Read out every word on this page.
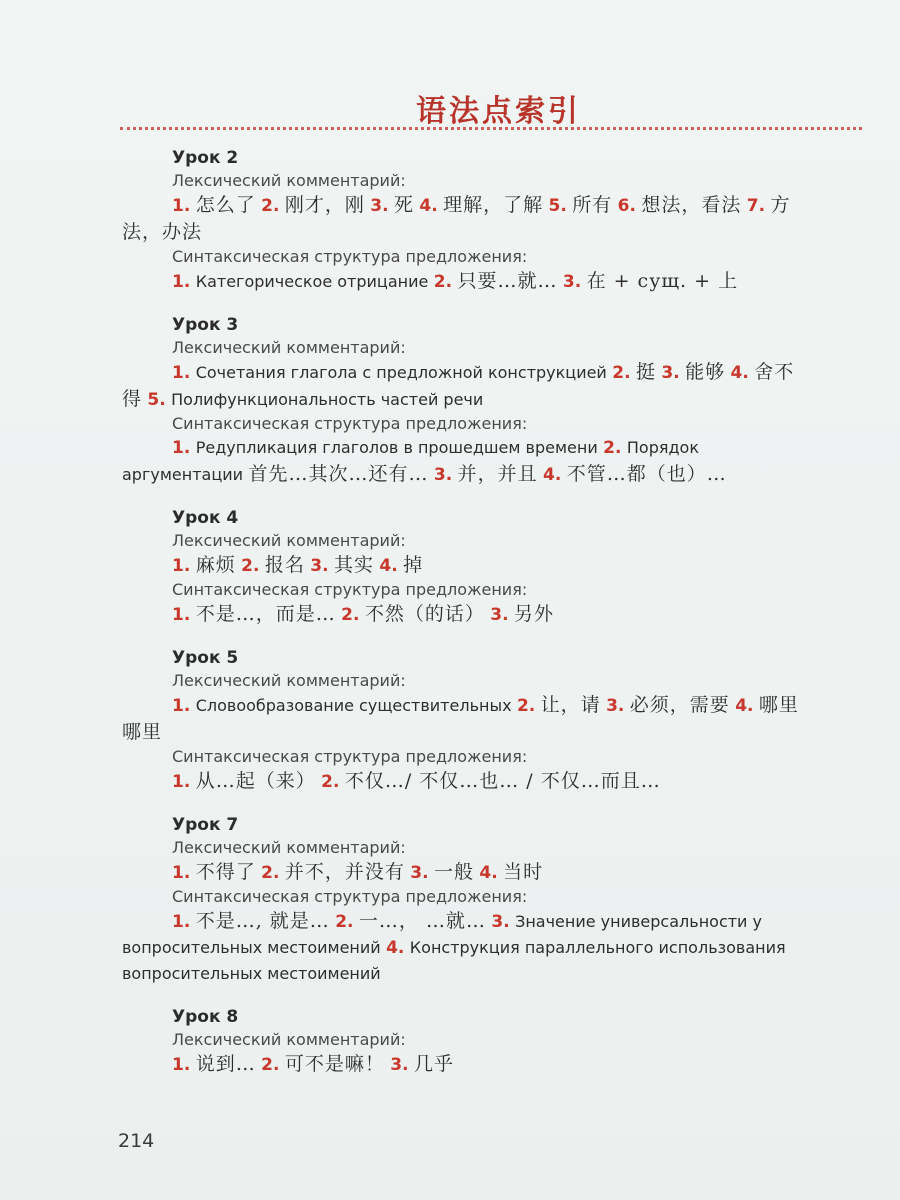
语法点索引
Урок 2
Лексический комментарий:
1. 怎么了 2. 刚才，刚 3. 死 4. 理解，了解 5. 所有 6. 想法，看法 7. 方法，办法
Синтаксическая структура предложения:
1. Категорическое отрицание 2. 只要…就… 3. 在 + сущ. + 上
Урок 3
Лексический комментарий:
1. Сочетания глагола с предложной конструкцией 2. 挺 3. 能够 4. 舍不得 5. Полифункциональность частей речи
Синтаксическая структура предложения:
1. Редупликация глаголов в прошедшем времени 2. Порядок аргументации 首先…其次…还有… 3. 并，并且 4. 不管…都（也）…
Урок 4
Лексический комментарий:
1. 麻烦 2. 报名 3. 其实 4. 掉
Синтаксическая структура предложения:
1. 不是…，而是… 2. 不然（的话） 3. 另外
Урок 5
Лексический комментарий:
1. Словообразование существительных 2. 让，请 3. 必须，需要 4. 哪里哪里
Синтаксическая структура предложения:
1. 从…起（来） 2. 不仅…/ 不仅…也… / 不仅…而且…
Урок 7
Лексический комментарий:
1. 不得了 2. 并不，并没有 3. 一般 4. 当时
Синтаксическая структура предложения:
1. 不是…, 就是… 2. 一…， …就… 3. Значение универсальности у вопросительных местоимений 4. Конструкция параллельного использования вопросительных местоимений
Урок 8
Лексический комментарий:
1. 说到… 2. 可不是嘛！ 3. 几乎
214
